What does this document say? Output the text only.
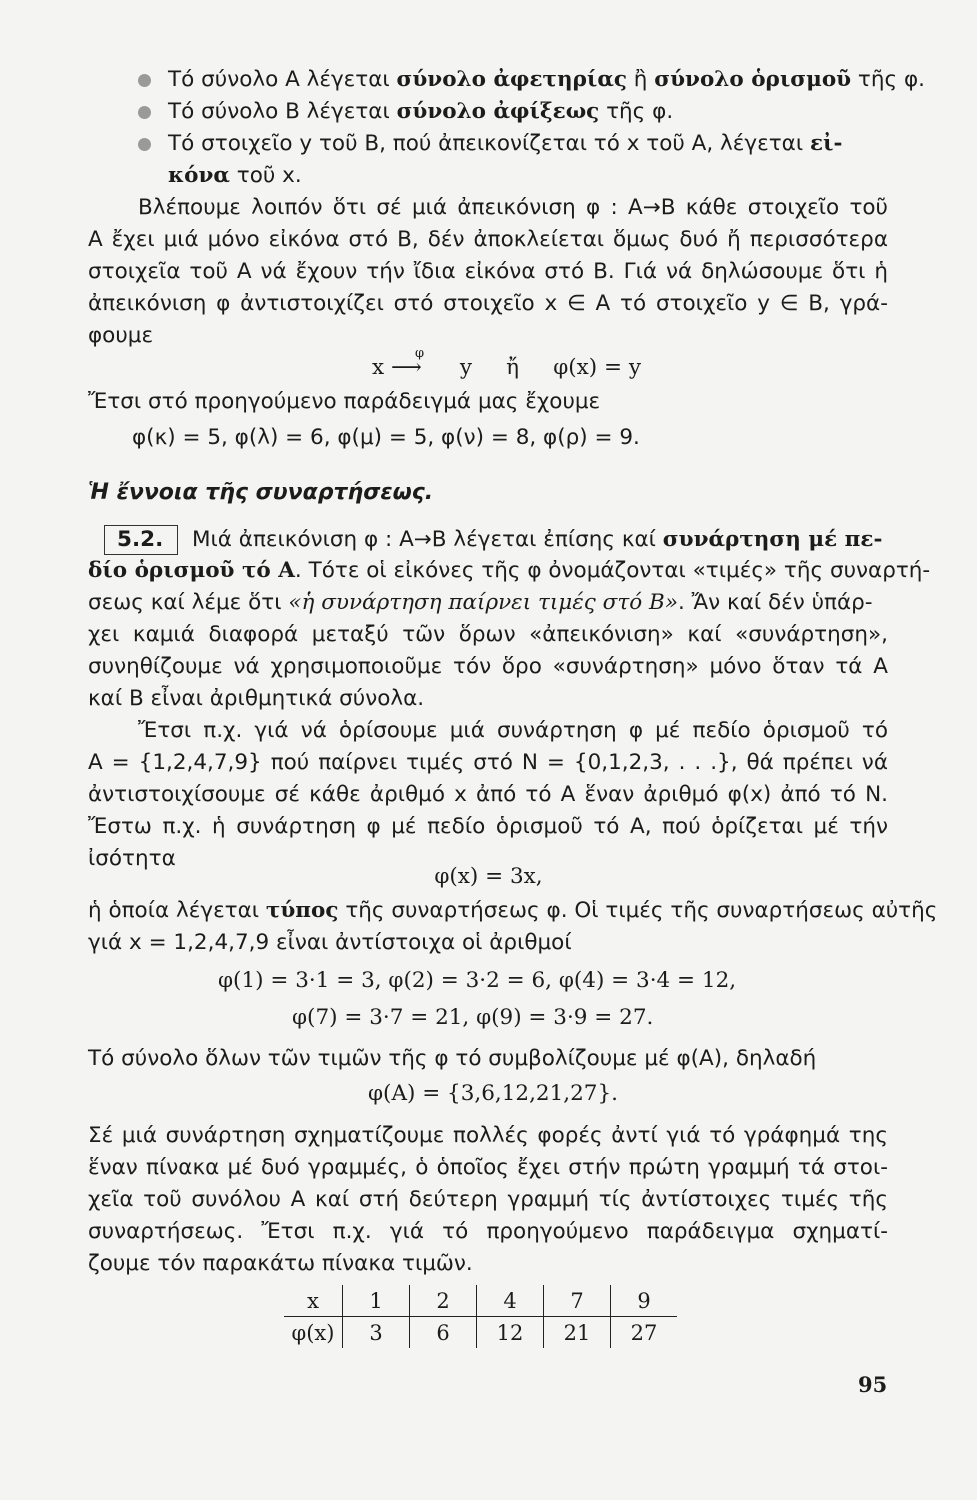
Τό σύνολο Α λέγεται σύνολο ἀφετηρίας ἢ σύνολο ὁρισμοῦ τῆς φ.
Τό σύνολο Β λέγεται σύνολο ἀφίξεως τῆς φ.
Τό στοιχεῖο y τοῦ Β, πού ἀπεικονίζεται τό x τοῦ Α, λέγεται εἰ-
κόνα τοῦ x.
Βλέπουμε λοιπόν ὅτι σέ μιά ἀπεικόνιση φ : Α→Β κάθε στοιχεῖο τοῦ
Α ἔχει μιά μόνο εἰκόνα στό Β, δέν ἀποκλείεται ὅμως δυό ἤ περισσότερα
στοιχεῖα τοῦ Α νά ἔχουν τήν ἴδια εἰκόνα στό Β. Γιά νά δηλώσουμε ὅτι ἡ
ἀπεικόνιση φ ἀντιστοιχίζει στό στοιχεῖο x ∈ Α τό στοιχεῖο y ∈ Β, γρά-
φουμε
x
φ
⟶ y ἤ φ(x) = y
Ἔτσι στό προηγούμενο παράδειγμά μας ἔχουμε
φ(κ) = 5, φ(λ) = 6, φ(μ) = 5, φ(ν) = 8, φ(ρ) = 9.
Ἡ ἔννοια τῆς συναρτήσεως.
5.2. Μιά ἀπεικόνιση φ : Α→Β λέγεται ἐπίσης καί συνάρτηση μέ πε-
δίο ὁρισμοῦ τό Α. Τότε οἱ εἰκόνες τῆς φ ὀνομάζονται «τιμές» τῆς συναρτή-
σεως καί λέμε ὅτι «ἡ συνάρτηση παίρνει τιμές στό Β». Ἄν καί δέν ὑπάρ-
χει καμιά διαφορά μεταξύ τῶν ὅρων «ἀπεικόνιση» καί «συνάρτηση»,
συνηθίζουμε νά χρησιμοποιοῦμε τόν ὅρο «συνάρτηση» μόνο ὅταν τά Α
καί Β εἶναι ἀριθμητικά σύνολα.
Ἔτσι π.χ. γιά νά ὁρίσουμε μιά συνάρτηση φ μέ πεδίο ὁρισμοῦ τό
Α = {1,2,4,7,9} πού παίρνει τιμές στό Ν = {0,1,2,3, . . .}, θά πρέπει νά
ἀντιστοιχίσουμε σέ κάθε ἀριθμό x ἀπό τό Α ἕναν ἀριθμό φ(x) ἀπό τό Ν.
Ἔστω π.χ. ἡ συνάρτηση φ μέ πεδίο ὁρισμοῦ τό Α, πού ὁρίζεται μέ τήν
ἰσότητα
φ(x) = 3x,
ἡ ὁποία λέγεται τύπος τῆς συναρτήσεως φ. Οἱ τιμές τῆς συναρτήσεως αὐτῆς
γιά x = 1,2,4,7,9 εἶναι ἀντίστοιχα οἱ ἀριθμοί
φ(1) = 3·1 = 3, φ(2) = 3·2 = 6, φ(4) = 3·4 = 12,
φ(7) = 3·7 = 21, φ(9) = 3·9 = 27.
Τό σύνολο ὅλων τῶν τιμῶν τῆς φ τό συμβολίζουμε μέ φ(Α), δηλαδή
φ(Α) = {3,6,12,21,27}.
Σέ μιά συνάρτηση σχηματίζουμε πολλές φορές ἀντί γιά τό γράφημά της
ἕναν πίνακα μέ δυό γραμμές, ὁ ὁποῖος ἔχει στήν πρώτη γραμμή τά στοι-
χεῖα τοῦ συνόλου Α καί στή δεύτερη γραμμή τίς ἀντίστοιχες τιμές τῆς
συναρτήσεως. Ἔτσι π.χ. γιά τό προηγούμενο παράδειγμα σχηματί-
ζουμε τόν παρακάτω πίνακα τιμῶν.
x	1	2	4	7	9
φ(x)	3	6	12	21	27
95
